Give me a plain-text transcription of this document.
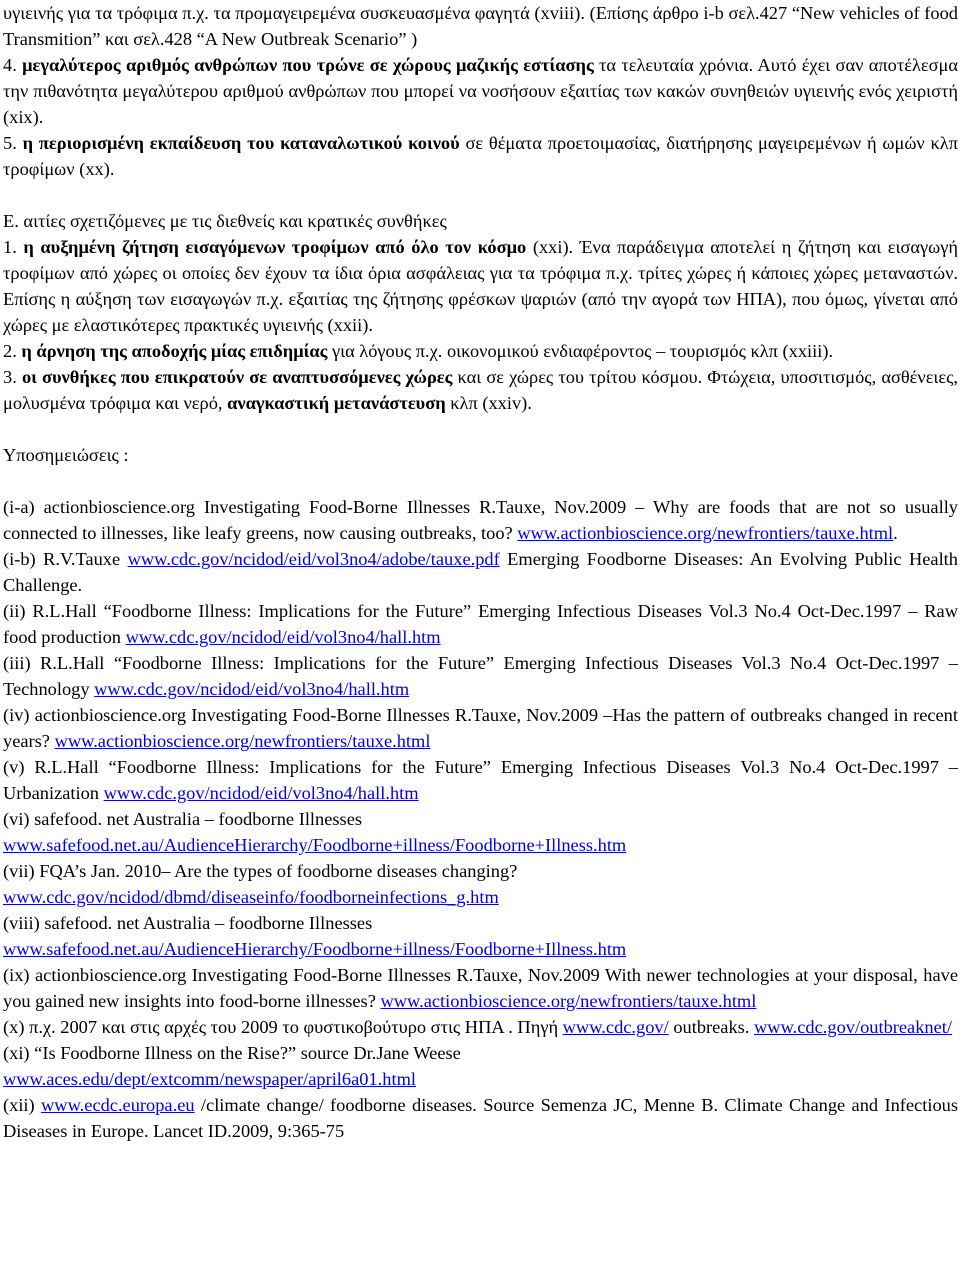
υγιεινής για τα τρόφιμα π.χ. τα προμαγειρεμένα συσκευασμένα φαγητά (xviii). (Επίσης άρθρο i-b σελ.427 “New vehicles of food Transmition” και σελ.428 “A New Outbreak Scenario” )

4. μεγαλύτερος αριθμός ανθρώπων που τρώνε σε χώρους μαζικής εστίασης τα τελευταία χρόνια. Αυτό έχει σαν αποτέλεσμα την πιθανότητα μεγαλύτερου αριθμού ανθρώπων που μπορεί να νοσήσουν εξαιτίας των κακών συνηθειών υγιεινής ενός χειριστή (xix).

5. η περιορισμένη εκπαίδευση του καταναλωτικού κοινού σε θέματα προετοιμασίας, διατήρησης μαγειρεμένων ή ωμών κλπ τροφίμων (xx).

Ε. αιτίες σχετιζόμενες με τις διεθνείς και κρατικές συνθήκες

1. η αυξημένη ζήτηση εισαγόμενων τροφίμων από όλο τον κόσμο (xxi). Ένα παράδειγμα αποτελεί η ζήτηση και εισαγωγή τροφίμων από χώρες οι οποίες δεν έχουν τα ίδια όρια ασφάλειας για τα τρόφιμα π.χ. τρίτες χώρες ή κάποιες χώρες μεταναστών. Επίσης η αύξηση των εισαγωγών π.χ. εξαιτίας της ζήτησης φρέσκων ψαριών (από την αγορά των ΗΠΑ), που όμως, γίνεται από χώρες με ελαστικότερες πρακτικές υγιεινής (xxii).

2. η άρνηση της αποδοχής μίας επιδημίας για λόγους π.χ. οικονομικού ενδιαφέροντος – τουρισμός κλπ (xxiii).

3. οι συνθήκες που επικρατούν σε αναπτυσσόμενες χώρες και σε χώρες του τρίτου κόσμου. Φτώχεια, υποσιτισμός, ασθένειες, μολυσμένα τρόφιμα και νερό, αναγκαστική μετανάστευση κλπ (xxiv).

Υποσημειώσεις :

(i-a) actionbioscience.org Investigating Food-Borne Illnesses R.Tauxe, Nov.2009 – Why are foods that are not so usually connected to illnesses, like leafy greens, now causing outbreaks, too? www.actionbioscience.org/newfrontiers/tauxe.html.

(i-b) R.V.Tauxe www.cdc.gov/ncidod/eid/vol3no4/adobe/tauxe.pdf Emerging Foodborne Diseases: An Evolving Public Health Challenge.

(ii) R.L.Hall “Foodborne Illness: Implications for the Future” Emerging Infectious Diseases Vol.3 No.4 Oct-Dec.1997 – Raw food production www.cdc.gov/ncidod/eid/vol3no4/hall.htm

(iii) R.L.Hall “Foodborne Illness: Implications for the Future” Emerging Infectious Diseases Vol.3 No.4 Oct-Dec.1997 – Technology www.cdc.gov/ncidod/eid/vol3no4/hall.htm

(iv) actionbioscience.org Investigating Food-Borne Illnesses R.Tauxe, Nov.2009 –Has the pattern of outbreaks changed in recent years? www.actionbioscience.org/newfrontiers/tauxe.html

(v) R.L.Hall “Foodborne Illness: Implications for the Future” Emerging Infectious Diseases Vol.3 No.4 Oct-Dec.1997 – Urbanization www.cdc.gov/ncidod/eid/vol3no4/hall.htm

(vi) safefood. net Australia – foodborne Illnesses
www.safefood.net.au/AudienceHierarchy/Foodborne+illness/Foodborne+Illness.htm

(vii) FQA’s Jan. 2010– Are the types of foodborne diseases changing?
www.cdc.gov/ncidod/dbmd/diseaseinfo/foodborneinfections_g.htm

(viii) safefood. net Australia – foodborne Illnesses
www.safefood.net.au/AudienceHierarchy/Foodborne+illness/Foodborne+Illness.htm

(ix) actionbioscience.org Investigating Food-Borne Illnesses R.Tauxe, Nov.2009 With newer technologies at your disposal, have you gained new insights into food-borne illnesses? www.actionbioscience.org/newfrontiers/tauxe.html

(x) π.χ. 2007 και στις αρχές του 2009 το φυστικοβούτυρο στις ΗΠΑ . Πηγή www.cdc.gov/ outbreaks. www.cdc.gov/outbreaknet/

(xi) “Is Foodborne Illness on the Rise?” source Dr.Jane Weese
www.aces.edu/dept/extcomm/newspaper/april6a01.html

(xii) www.ecdc.europa.eu /climate change/ foodborne diseases. Source Semenza JC, Menne B. Climate Change and Infectious Diseases in Europe. Lancet ID.2009, 9:365-75
